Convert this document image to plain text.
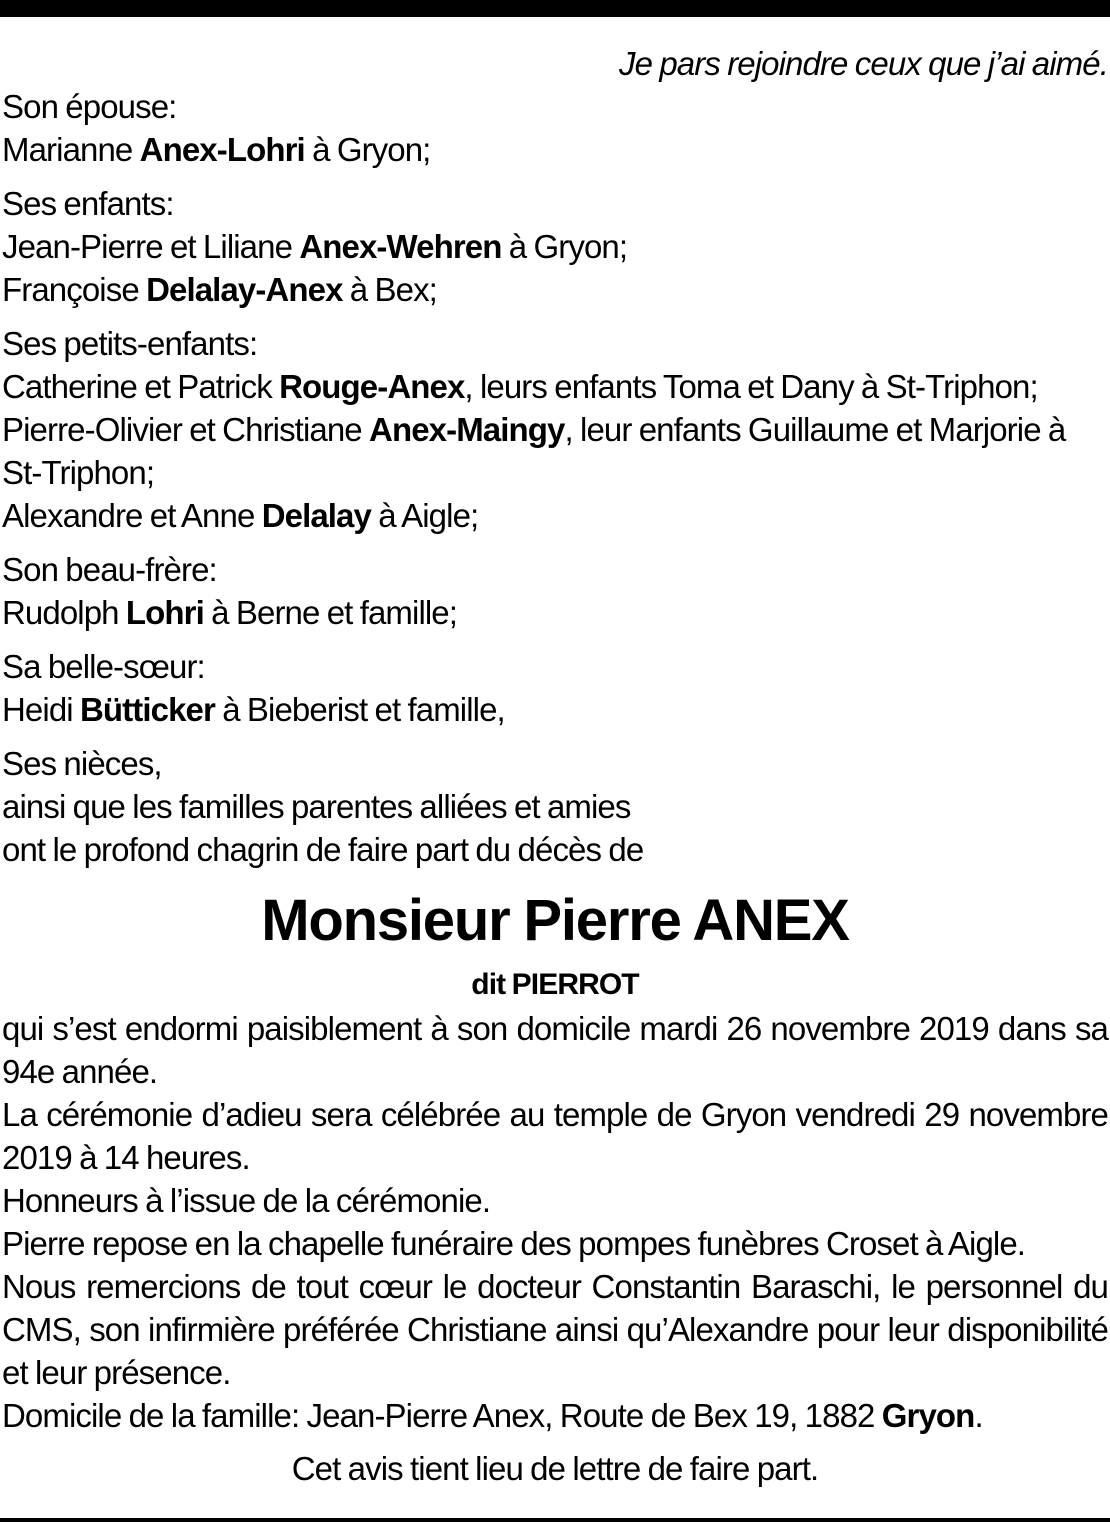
Je pars rejoindre ceux que j’ai aimé.

Son épouse:
Marianne Anex-Lohri à Gryon;
Ses enfants:
Jean-Pierre et Liliane Anex-Wehren à Gryon;
Françoise Delalay-Anex à Bex;
Ses petits-enfants:
Catherine et Patrick Rouge-Anex, leurs enfants Toma et Dany à St-Triphon;
Pierre-Olivier et Christiane Anex-Maingy, leur enfants Guillaume et Marjorie à St-Triphon;
Alexandre et Anne Delalay à Aigle;
Son beau-frère:
Rudolph Lohri à Berne et famille;
Sa belle-sœur:
Heidi Bütticker à Bieberist et famille,
Ses nièces,
ainsi que les familles parentes alliées et amies
ont le profond chagrin de faire part du décès de
Monsieur Pierre ANEX
dit PIERROT
qui s’est endormi paisiblement à son domicile mardi 26 novembre 2019 dans sa 94e année.
La cérémonie d’adieu sera célébrée au temple de Gryon vendredi 29 novembre 2019 à 14 heures.
Honneurs à l’issue de la cérémonie.
Pierre repose en la chapelle funéraire des pompes funèbres Croset à Aigle.
Nous remercions de tout cœur le docteur Constantin Baraschi, le personnel du CMS, son infirmière préférée Christiane ainsi qu’Alexandre pour leur disponibilité et leur présence.
Domicile de la famille: Jean-Pierre Anex, Route de Bex 19, 1882 Gryon.
Cet avis tient lieu de lettre de faire part.
